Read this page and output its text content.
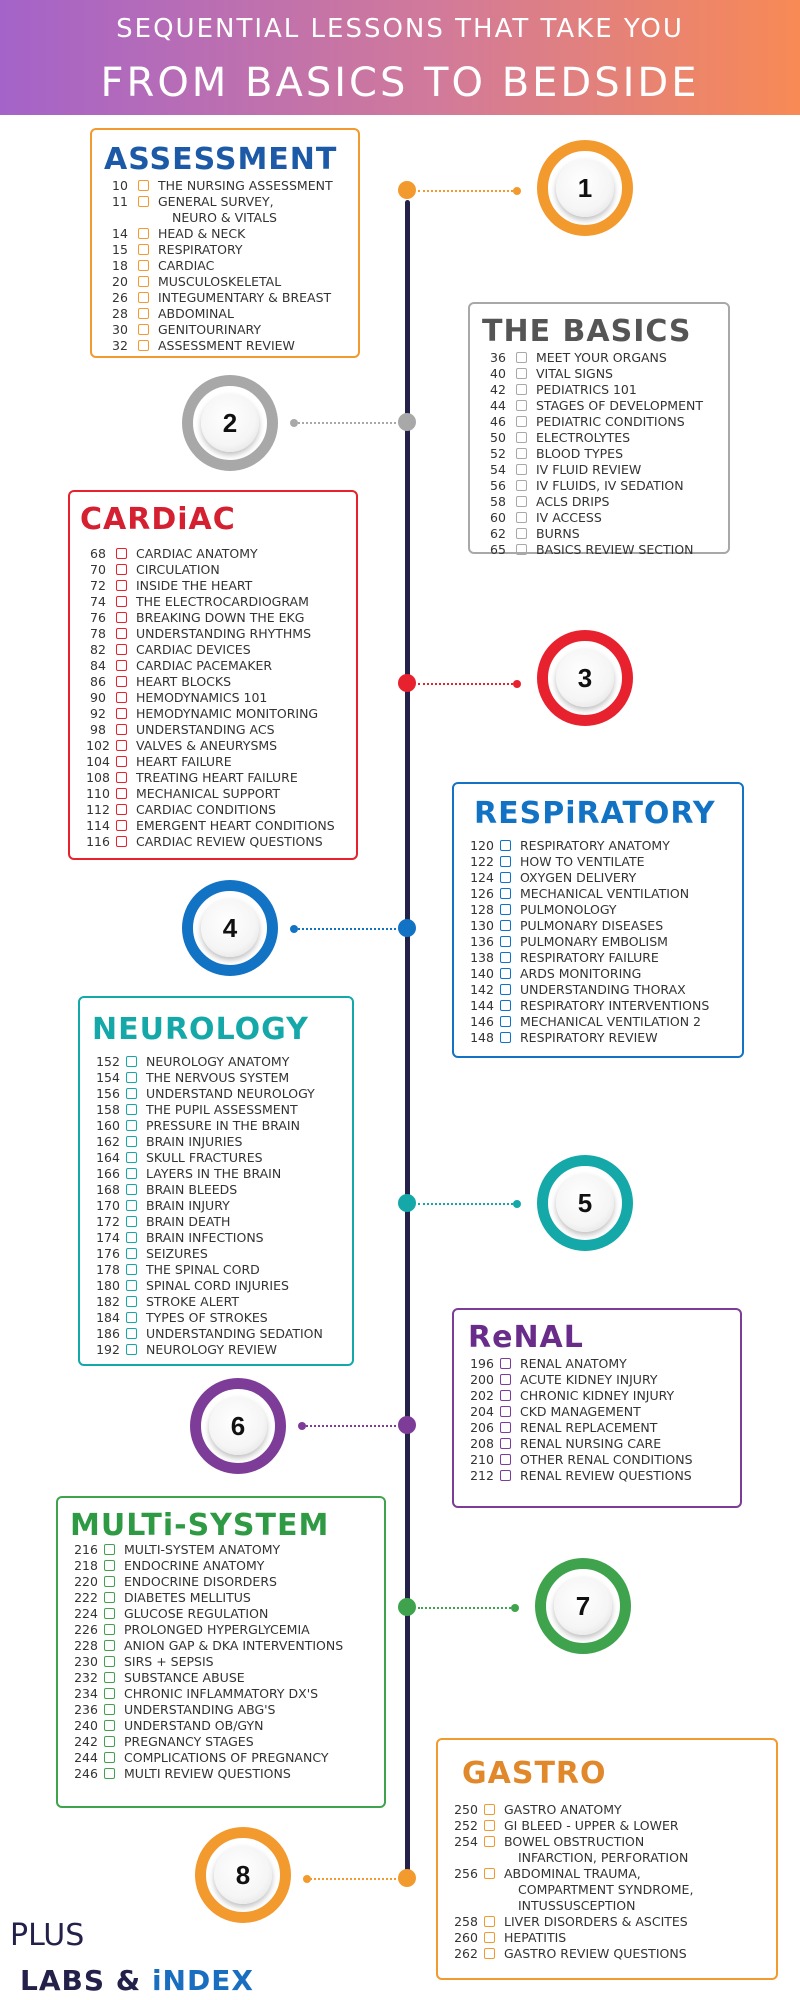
SEQUENTIAL LESSONS THAT TAKE YOU
FROM BASICS TO BEDSIDE
ASSESSMENT
10	THE NURSING ASSESSMENT
11	GENERAL SURVEY,
NEURO & VITALS
14	HEAD & NECK
15	RESPIRATORY
18	CARDIAC
20	MUSCULOSKELETAL
26	INTEGUMENTARY & BREAST
28	ABDOMINAL
30	GENITOURINARY
32	ASSESSMENT REVIEW
1
THE BASICS
36	MEET YOUR ORGANS
40	VITAL SIGNS
42	PEDIATRICS 101
44	STAGES OF DEVELOPMENT
46	PEDIATRIC CONDITIONS
50	ELECTROLYTES
52	BLOOD TYPES
54	IV FLUID REVIEW
56	IV FLUIDS, IV SEDATION
58	ACLS DRIPS
60	IV ACCESS
62	BURNS
65	BASICS REVIEW SECTION
2
CARDiAC
68	CARDIAC ANATOMY
70	CIRCULATION
72	INSIDE THE HEART
74	THE ELECTROCARDIOGRAM
76	BREAKING DOWN THE EKG
78	UNDERSTANDING RHYTHMS
82	CARDIAC DEVICES
84	CARDIAC PACEMAKER
86	HEART BLOCKS
90	HEMODYNAMICS 101
92	HEMODYNAMIC MONITORING
98	UNDERSTANDING ACS
102 VALVES & ANEURYSMS
104 HEART FAILURE
108 TREATING HEART FAILURE
110 MECHANICAL SUPPORT
112 CARDIAC CONDITIONS
114 EMERGENT HEART CONDITIONS
116 CARDIAC REVIEW QUESTIONS
3
RESPiRATORY
120 RESPIRATORY ANATOMY
122 HOW TO VENTILATE
124 OXYGEN DELIVERY
126 MECHANICAL VENTILATION
128 PULMONOLOGY
130 PULMONARY DISEASES
136 PULMONARY EMBOLISM
138 RESPIRATORY FAILURE
140 ARDS MONITORING
142 UNDERSTANDING THORAX
144 RESPIRATORY INTERVENTIONS
146 MECHANICAL VENTILATION 2
148 RESPIRATORY REVIEW
4
NEUROLOGY
152 NEUROLOGY ANATOMY
154 THE NERVOUS SYSTEM
156 UNDERSTAND NEUROLOGY
158 THE PUPIL ASSESSMENT
160 PRESSURE IN THE BRAIN
162 BRAIN INJURIES
164 SKULL FRACTURES
166 LAYERS IN THE BRAIN
168 BRAIN BLEEDS
170 BRAIN INJURY
172 BRAIN DEATH
174 BRAIN INFECTIONS
176 SEIZURES
178 THE SPINAL CORD
180 SPINAL CORD INJURIES
182 STROKE ALERT
184 TYPES OF STROKES
186 UNDERSTANDING SEDATION
192 NEUROLOGY REVIEW
5
ReNAL
196 RENAL ANATOMY
200 ACUTE KIDNEY INJURY
202 CHRONIC KIDNEY INJURY
204 CKD MANAGEMENT
206 RENAL REPLACEMENT
208 RENAL NURSING CARE
210 OTHER RENAL CONDITIONS
212 RENAL REVIEW QUESTIONS
6
MULTi-SYSTEM
216 MULTI-SYSTEM ANATOMY
218 ENDOCRINE ANATOMY
220 ENDOCRINE DISORDERS
222 DIABETES MELLITUS
224 GLUCOSE REGULATION
226 PROLONGED HYPERGLYCEMIA
228 ANION GAP & DKA INTERVENTIONS
230 SIRS + SEPSIS
232 SUBSTANCE ABUSE
234 CHRONIC INFLAMMATORY DX'S
236 UNDERSTANDING ABG'S
240 UNDERSTAND OB/GYN
242 PREGNANCY STAGES
244 COMPLICATIONS OF PREGNANCY
246 MULTI REVIEW QUESTIONS
7
GASTRO
250 GASTRO ANATOMY
252 GI BLEED - UPPER & LOWER
254 BOWEL OBSTRUCTION
INFARCTION, PERFORATION
256 ABDOMINAL TRAUMA,
COMPARTMENT SYNDROME,
INTUSSUSCEPTION
258 LIVER DISORDERS & ASCITES
260 HEPATITIS
262 GASTRO REVIEW QUESTIONS
8
PLUS
LABS & iNDEX
